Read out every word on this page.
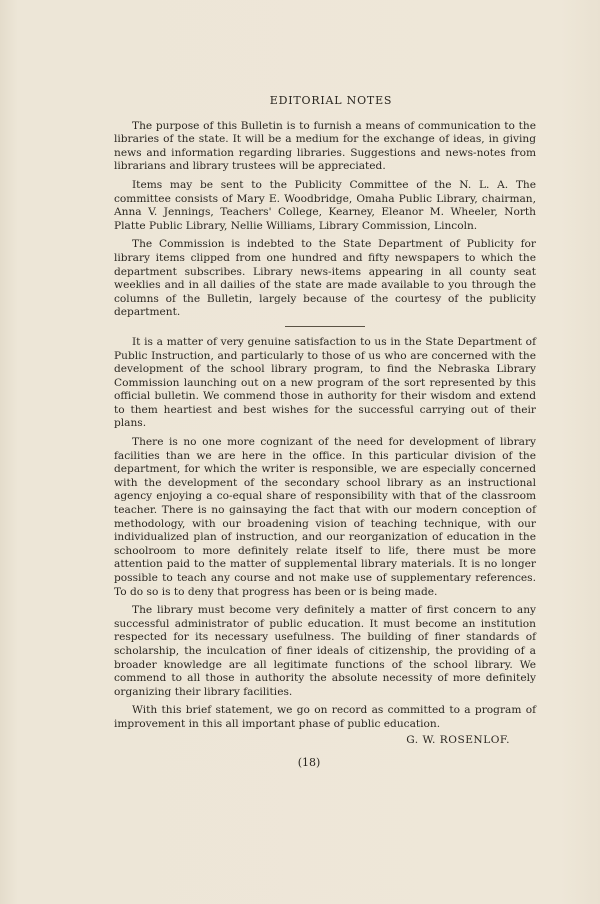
EDITORIAL NOTES

The purpose of this Bulletin is to furnish a means of communication to the libraries of the state. It will be a medium for the exchange of ideas, in giving news and information regarding libraries. Suggestions and news-notes from librarians and library trustees will be appreciated.

Items may be sent to the Publicity Committee of the N. L. A. The committee consists of Mary E. Woodbridge, Omaha Public Library, chairman, Anna V. Jennings, Teachers' College, Kearney, Eleanor M. Wheeler, North Platte Public Library, Nellie Williams, Library Commission, Lincoln.

The Commission is indebted to the State Department of Publicity for library items clipped from one hundred and fifty newspapers to which the department subscribes. Library news-items appearing in all county seat weeklies and in all dailies of the state are made available to you through the columns of the Bulletin, largely because of the courtesy of the publicity department.

It is a matter of very genuine satisfaction to us in the State Department of Public Instruction, and particularly to those of us who are concerned with the development of the school library program, to find the Nebraska Library Commission launching out on a new program of the sort represented by this official bulletin. We commend those in authority for their wisdom and extend to them heartiest and best wishes for the successful carrying out of their plans.

There is no one more cognizant of the need for development of library facilities than we are here in the office. In this particular division of the department, for which the writer is responsible, we are especially concerned with the development of the secondary school library as an instructional agency enjoying a co-equal share of responsibility with that of the classroom teacher. There is no gainsaying the fact that with our modern conception of methodology, with our broadening vision of teaching technique, with our individualized plan of instruction, and our reorganization of education in the schoolroom to more definitely relate itself to life, there must be more attention paid to the matter of supplemental library materials. It is no longer possible to teach any course and not make use of supplementary references. To do so is to deny that progress has been or is being made.

The library must become very definitely a matter of first concern to any successful administrator of public education. It must become an institution respected for its necessary usefulness. The building of finer standards of scholarship, the inculcation of finer ideals of citizenship, the providing of a broader knowledge are all legitimate functions of the school library. We commend to all those in authority the absolute necessity of more definitely organizing their library facilities.

With this brief statement, we go on record as committed to a program of improvement in this all important phase of public education.

G. W. ROSENLOF.
(18)
